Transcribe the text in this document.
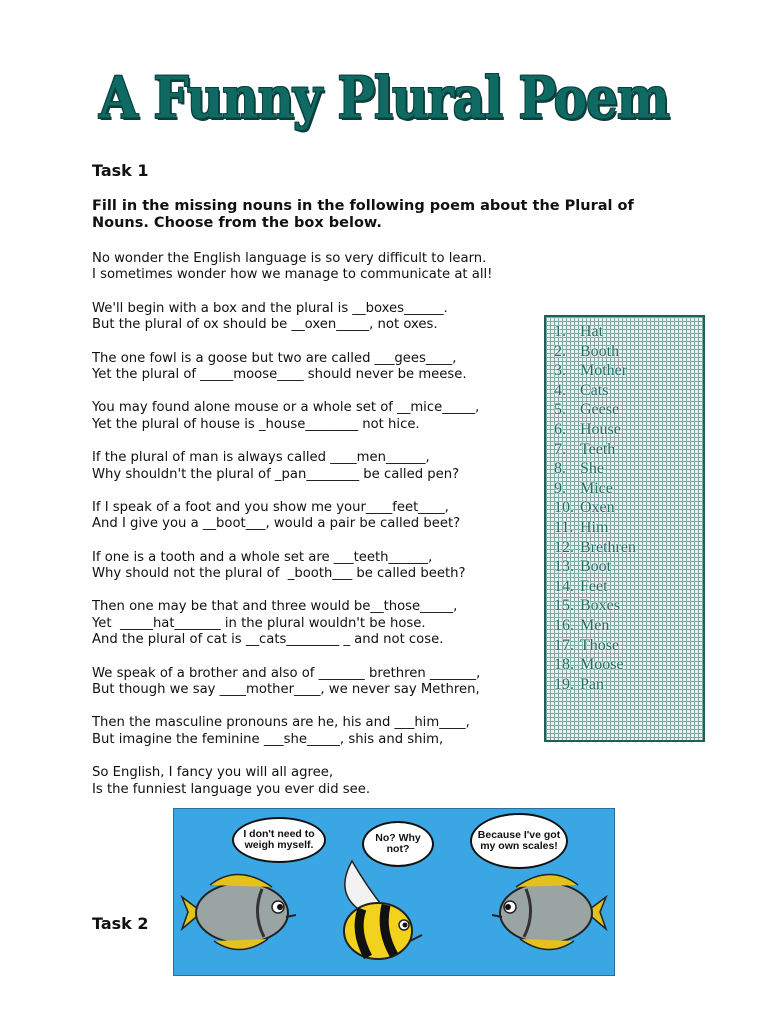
A Funny Plural Poem
Task 1
Fill in the missing nouns in the following poem about the Plural of Nouns. Choose from the box below.
No wonder the English language is so very difficult to learn.
I sometimes wonder how we manage to communicate at all!
We'll begin with a box and the plural is __boxes______.
But the plural of ox should be __oxen_____, not oxes.
The one fowl is a goose but two are called ___gees____,
Yet the plural of _____moose____ should never be meese.
You may found alone mouse or a whole set of __mice_____,
Yet the plural of house is _house________ not hice.
If the plural of man is always called ____men______,
Why shouldn't the plural of _pan________ be called pen?
If I speak of a foot and you show me your____feet____,
And I give you a __boot___, would a pair be called beet?
If one is a tooth and a whole set are ___teeth______,
Why should not the plural of  _booth___ be called beeth?
Then one may be that and three would be__those_____,
Yet  _____hat_______ in the plural wouldn't be hose.
And the plural of cat is __cats________ _ and not cose.
We speak of a brother and also of _______ brethren _______,
But though we say ____mother____, we never say Methren,
Then the masculine pronouns are he, his and ___him____,
But imagine the feminine ___she_____, shis and shim,
So English, I fancy you will all agree,
Is the funniest language you ever did see.
1. Hat
2. Booth
3. Mother
4. Cats
5. Geese
6. House
7. Teeth
8. She
9. Mice
10. Oxen
11. Him
12. Brethren
13. Boot
14. Feet
15. Boxes
16. Men
17. Those
18. Moose
19. Pan
Task 2
I don't need to weigh myself.
No? Why not?
Because I've got my own scales!
